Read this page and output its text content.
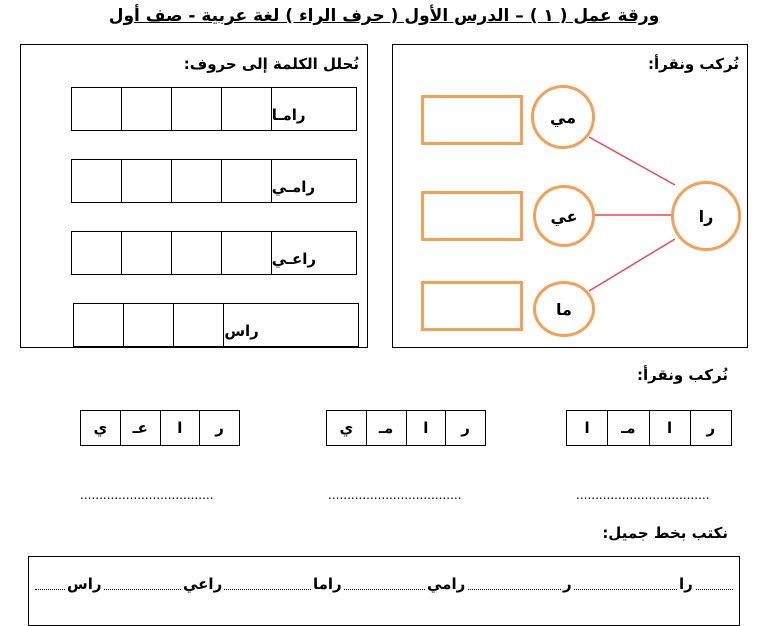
ورقة عمل ( ١ ) – الدرس الأول ( حرف الراء ) لغة عربية - صف أول
نُحلل الكلمة إلى حروف:
رامـا
رامـي
راعـي
راس
نُركب ونقرأ:
مي
عي
ما
را
نُركب ونقرأ:
ي	عـ	ا	ر	ي	مـ	ا	ر	ا	مـ	ا	ر
...................................	...................................	...................................
نكتب بخط جميل:
راس	راعي	راما	رامي	ر	را
